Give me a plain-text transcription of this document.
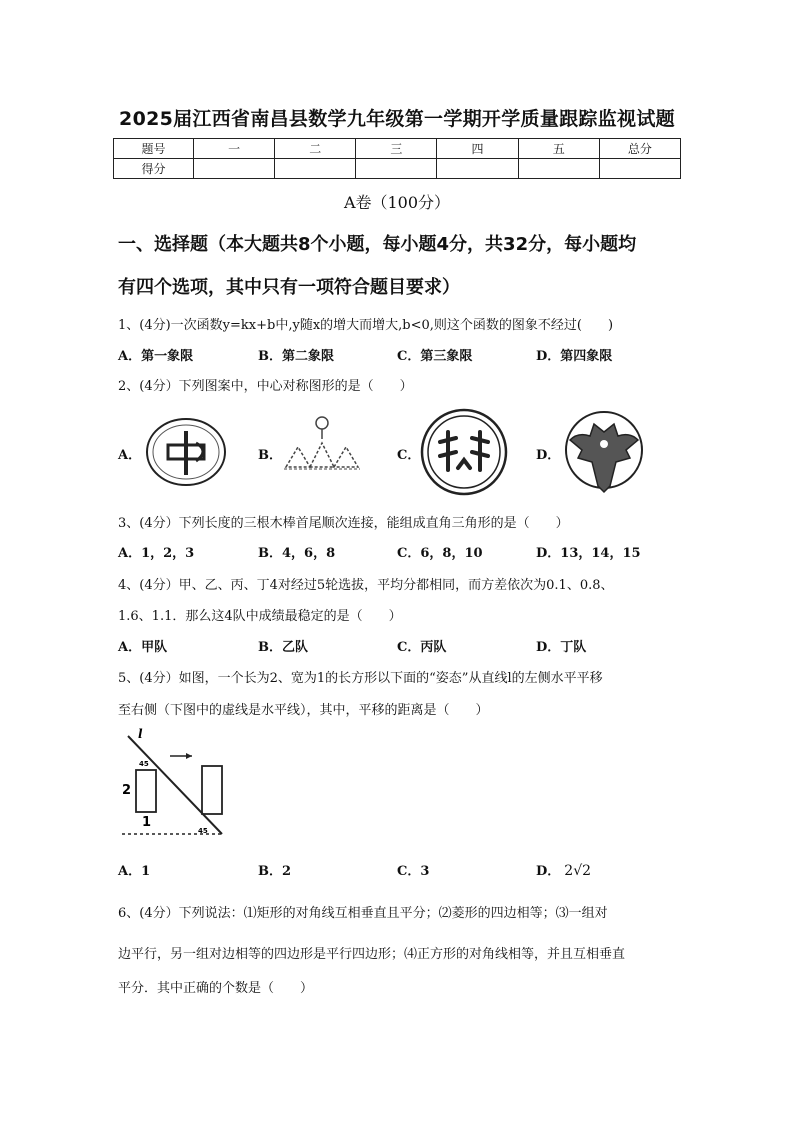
2025届江西省南昌县数学九年级第一学期开学质量跟踪监视试题
题号	一	二	三	四	五	总分
得分						
A卷（100分）
一、选择题（本大题共8个小题，每小题4分，共32分，每小题均
有四个选项，其中只有一项符合题目要求）
1、(4分)一次函数y=kx+b中,y随x的增大而增大,b<0,则这个函数的图象不经过(　　)
A．第一象限	B．第二象限	C．第三象限	D．第四象限
2、(4分）下列图案中，中心对称图形的是（　　）
A．	B．	C．	D．
3、(4分）下列长度的三根木棒首尾顺次连接，能组成直角三角形的是（　　）
A．1，2，3	B．4，6，8	C．6，8，10	D．13，14，15
4、(4分）甲、乙、丙、丁4对经过5轮选拔，平均分都相同，而方差依次为0.1、0.8、
1.6、1.1．那么这4队中成绩最稳定的是（　　）
A．甲队	B．乙队	C．丙队	D．丁队
5、(4分）如图，一个长为2、宽为1的长方形以下面的“姿态”从直线l的左侧水平平移
至右侧（下图中的虚线是水平线），其中，平移的距离是（　　）
l
45
45
2
1
A．1	B．2	C．3	D． 2√2
6、(4分）下列说法：⑴矩形的对角线互相垂直且平分；⑵菱形的四边相等；⑶一组对
边平行，另一组对边相等的四边形是平行四边形；⑷正方形的对角线相等，并且互相垂直
平分．其中正确的个数是（　　）
